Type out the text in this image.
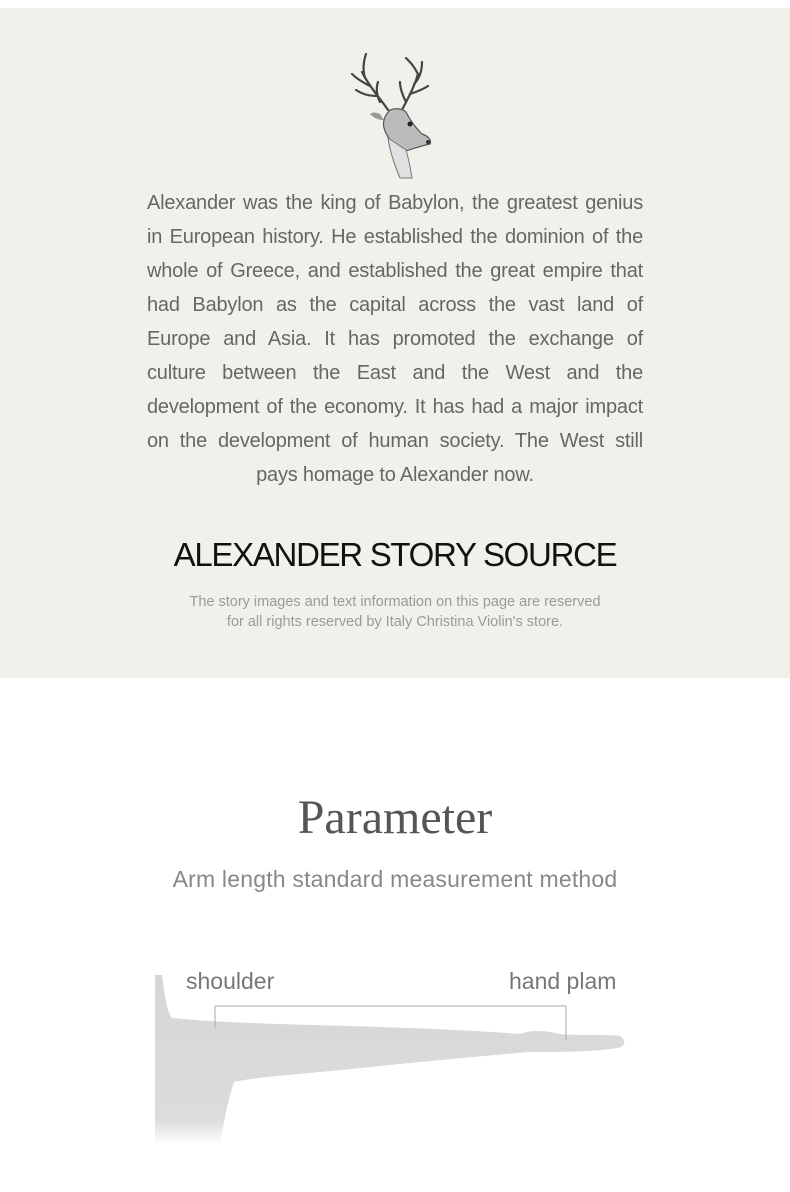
Alexander was the king of Babylon, the greatest genius in European history. He established the dominion of the whole of Greece, and established the great empire that had Babylon as the capital across the vast land of Europe and Asia. It has promoted the exchange of culture between the East and the West and the development of the economy. It has had a major impact on the development of human society. The West still pays homage to Alexander now.
ALEXANDER STORY SOURCE
The story images and text information on this page are reserved
for all rights reserved by Italy Christina Violin's store.
Parameter
Arm length standard measurement method
shoulder	hand plam
